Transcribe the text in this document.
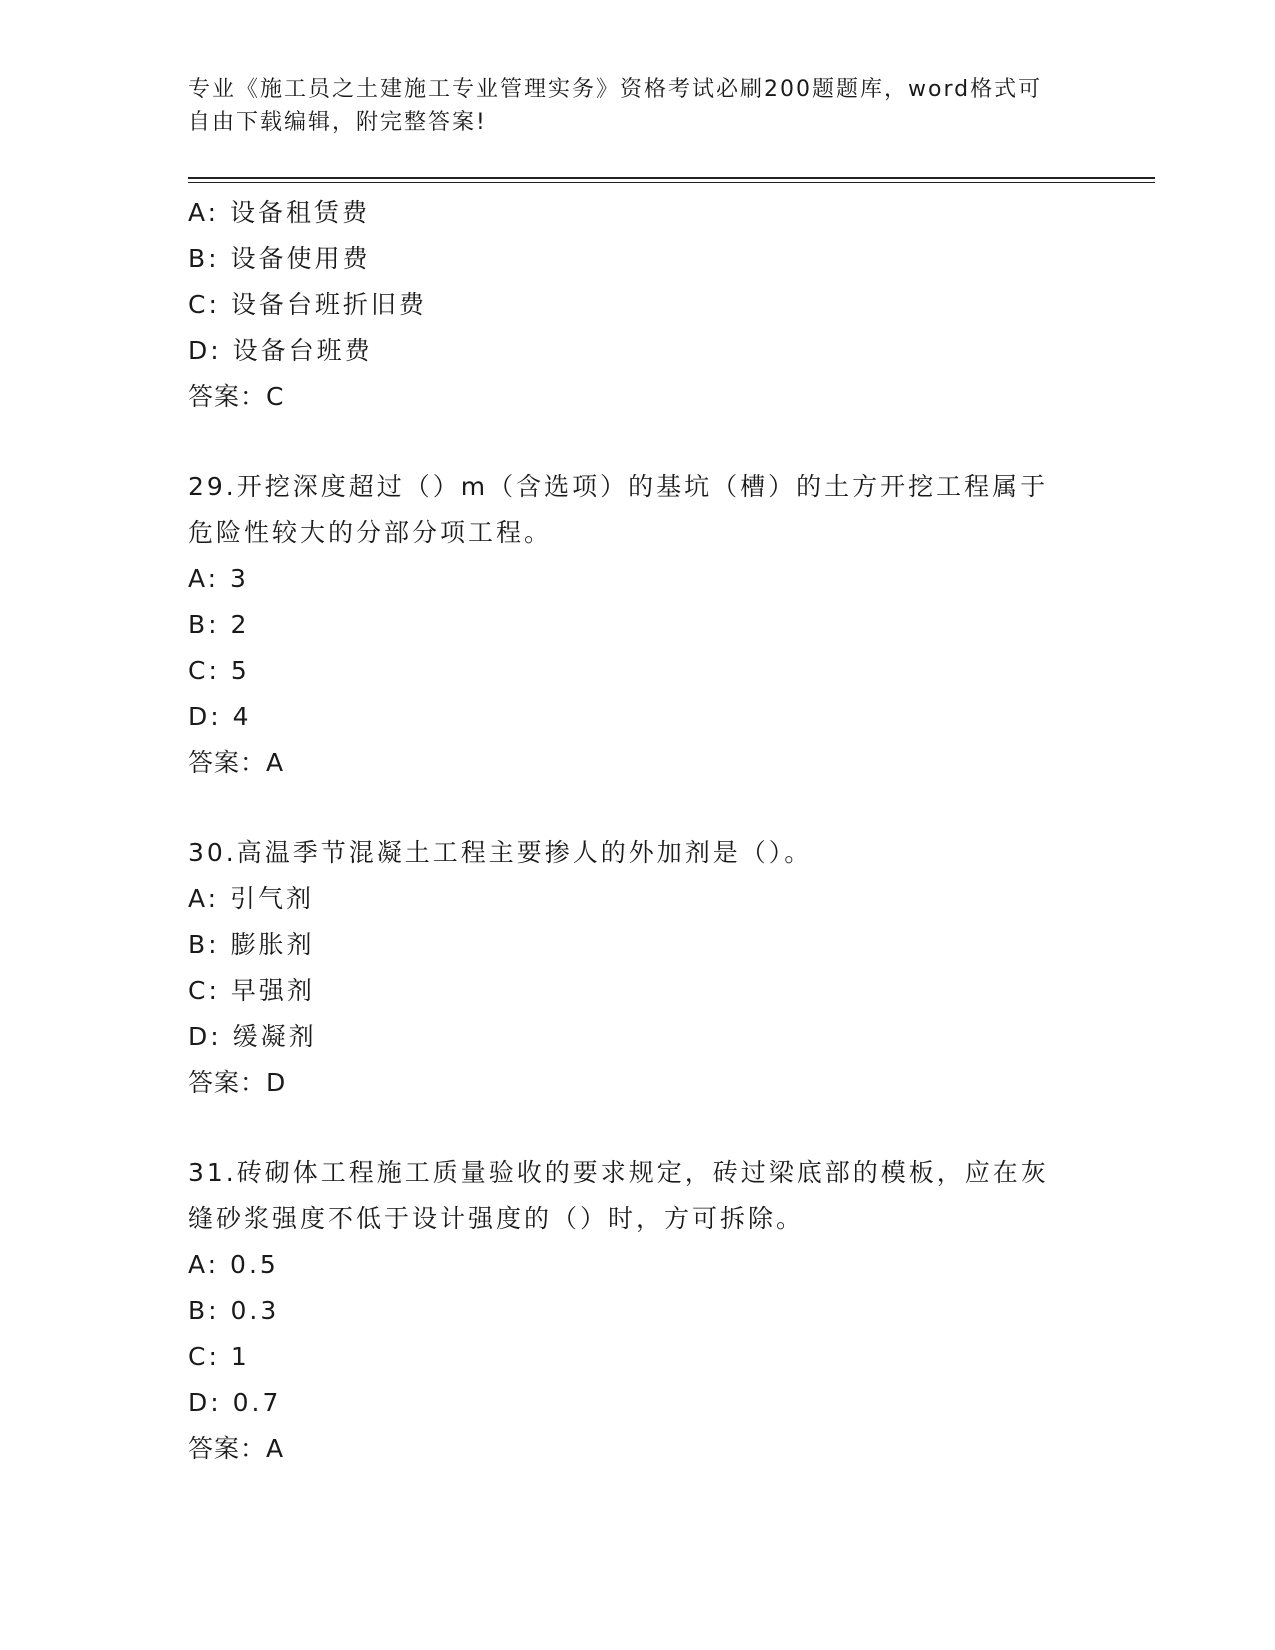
专业《施工员之土建施工专业管理实务》资格考试必刷200题题库，word格式可
自由下载编辑，附完整答案!
A: 设备租赁费
B: 设备使用费
C: 设备台班折旧费
D: 设备台班费
答案：C
29.开挖深度超过（）m（含选项）的基坑（槽）的土方开挖工程属于
危险性较大的分部分项工程。
A: 3
B: 2
C: 5
D: 4
答案：A
30.高温季节混凝土工程主要掺人的外加剂是（）。
A: 引气剂
B: 膨胀剂
C: 早强剂
D: 缓凝剂
答案：D
31.砖砌体工程施工质量验收的要求规定，砖过梁底部的模板，应在灰
缝砂浆强度不低于设计强度的（）时，方可拆除。
A: 0.5
B: 0.3
C: 1
D: 0.7
答案：A
